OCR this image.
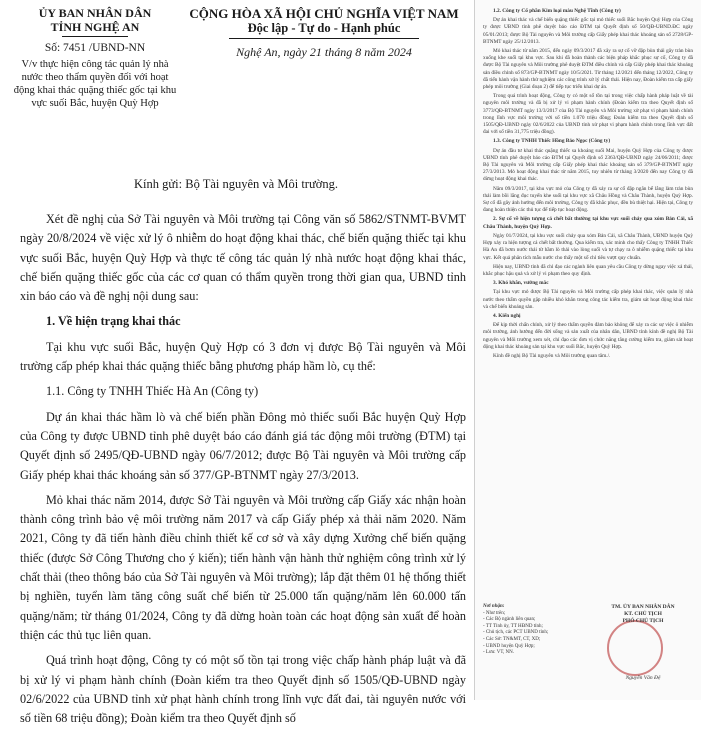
ỦY BAN NHÂN DÂN
TỈNH NGHỆ AN
Số: 7451 /UBND-NN
V/v thực hiện công tác quản lý nhà nước theo thẩm quyền đối với hoạt động khai thác quặng thiếc gốc tại khu vực suối Bắc, huyện Quỳ Hợp
CỘNG HÒA XÃ HỘI CHỦ NGHĨA VIỆT NAM
Độc lập - Tự do - Hạnh phúc
Nghệ An, ngày 21 tháng 8 năm 2024
Kính gửi: Bộ Tài nguyên và Môi trường.

Xét đề nghị của Sở Tài nguyên và Môi trường tại Công văn số 5862/STNMT-BVMT ngày 20/8/2024 về việc xử lý ô nhiễm do hoạt động khai thác, chế biến quặng thiếc tại khu vực suối Bắc, huyện Quỳ Hợp và thực tế công tác quản lý nhà nước hoạt động khai thác, chế biến quặng thiếc gốc của các cơ quan có thẩm quyền trong thời gian qua, UBND tỉnh xin báo cáo và đề nghị nội dung sau:

1. Về hiện trạng khai thác

Tại khu vực suối Bắc, huyện Quỳ Hợp có 3 đơn vị được Bộ Tài nguyên và Môi trường cấp phép khai thác quặng thiếc bằng phương pháp hầm lò, cụ thể:

1.1. Công ty TNHH Thiếc Hà An (Công ty)

Dự án khai thác hầm lò và chế biến phần Đông mỏ thiếc suối Bắc huyện Quỳ Hợp của Công ty được UBND tỉnh phê duyệt báo cáo đánh giá tác động môi trường (ĐTM) tại Quyết định số 2495/QĐ-UBND ngày 06/7/2012; được Bộ Tài nguyên và Môi trường cấp Giấy phép khai thác khoáng sản số 377/GP-BTNMT ngày 27/3/2013.

Mỏ khai thác năm 2014, được Sở Tài nguyên và Môi trường cấp Giấy xác nhận hoàn thành công trình bảo vệ môi trường năm 2017 và cấp Giấy phép xả thải năm 2020. Năm 2021, Công ty đã tiến hành điều chỉnh thiết kế cơ sở và xây dựng Xưởng chế biến quặng thiếc (được Sở Công Thương cho ý kiến); tiến hành vận hành thử nghiệm công trình xử lý chất thải (theo thông báo của Sở Tài nguyên và Môi trường); lắp đặt thêm 01 hệ thống thiết bị nghiền, tuyển làm tăng công suất chế biến từ 25.000 tấn quặng/năm lên 60.000 tấn quặng/năm; từ tháng 01/2024, Công ty đã dừng hoàn toàn các hoạt động sản xuất để hoàn thiện các thủ tục liên quan.

Quá trình hoạt động, Công ty có một số tồn tại trong việc chấp hành pháp luật và đã bị xử lý vi phạm hành chính (Đoàn kiểm tra theo Quyết định số 1505/QĐ-UBND ngày 02/6/2022 của UBND tỉnh xử phạt hành chính trong lĩnh vực đất đai, tài nguyên nước với số tiền 68 triệu đồng); Đoàn kiểm tra theo Quyết định số

1.2. Công ty Cổ phần Kim loại màu Nghệ Tĩnh (Công ty)

Dự án khai thác và chế biến quặng thiếc gốc tại mỏ thiếc suối Bắc huyện Quỳ Hợp của Công ty được UBND tỉnh phê duyệt báo cáo ĐTM tại Quyết định số 50/QĐ-UBND.ĐC ngày 05/01/2013; được Bộ Tài nguyên và Môi trường cấp Giấy phép khai thác khoáng sản số 2728/GP-BTNMT ngày 25/12/2013.

Mỏ khai thác từ năm 2015, đến ngày 09/3/2017 đã xây ra sự cố vỡ đập bùn thải gây tràn bùn xuống khe suối tại khu vực. Sau khi đã hoàn thành các biện pháp khắc phục sự cố, Công ty đã được Bộ Tài nguyên và Môi trường phê duyệt ĐTM điều chỉnh và cấp Giấy phép khai thác khoáng sản điều chỉnh số 873/GP-BTNMT ngày 10/5/2021. Từ tháng 12/2021 đến tháng 12/2022, Công ty đã tiến hành vận hành thử nghiệm các công trình xử lý chất thải. Hiện nay, Đoàn kiểm tra cấp giấy phép môi trường (Giai đoạn 2) để tiếp tục triển khai dự án.

Trong quá trình hoạt động, Công ty có một số tồn tại trong việc chấp hành pháp luật về tài nguyên môi trường và đã bị xử lý vi phạm hành chính (Đoàn kiểm tra theo Quyết định số 3773/QĐ-BTNMT ngày 13/3/2017 của Bộ Tài nguyên và Môi trường xử phạt vi phạm hành chính trong lĩnh vực môi trường với số tiền 1.070 triệu đồng; Đoàn kiểm tra theo Quyết định số 1505/QĐ-UBND ngày 02/6/2022 của UBND tỉnh xử phạt vi phạm hành chính trong lĩnh vực đất đai với số tiền 31,775 triệu đồng).

1.3. Công ty TNHH Thiếc Hồng Bảo Ngọc (Công ty)

Dự án đầu tư khai thác quặng thiếc sa khoáng suối Mai, huyện Quỳ Hợp của Công ty được UBND tỉnh phê duyệt báo cáo ĐTM tại Quyết định số 2363/QĐ-UBND ngày 24/06/2011; được Bộ Tài nguyên và Môi trường cấp Giấy phép khai thác khoáng sản số 379/GP-BTNMT ngày 27/3/2013. Mỏ hoạt động khai thác từ năm 2015, tuy nhiên từ tháng 3/2020 đến nay Công ty đã dừng hoạt động khai thác.

Năm 09/3/2017, tại khu vực mỏ của Công ty đã xảy ra sự cố đập ngăn bể lắng làm tràn bùn thải làm bồi lắng đục tuyến khe suối tại khu vực xã Châu Hồng và Châu Thành, huyện Quỳ Hợp. Sự cố đã gây ảnh hưởng đến môi trường, Công ty đã khắc phục, đền bù thiệt hại. Hiện tại, Công ty đang hoàn thiện các thủ tục để tiếp tục hoạt động.

2. Sự cố về hiện tượng cá chết bất thường tại khu vực suối chảy qua xóm Bản Cải, xã Châu Thành, huyện Quỳ Hợp.

Ngày 01/7/2024, tại khu vực suối chảy qua xóm Bản Cải, xã Châu Thành, UBND huyện Quỳ Hợp xảy ra hiện tượng cá chết bất thường. Qua kiểm tra, xác minh cho thấy Công ty TNHH Thiếc Hà An đã bơm nước thải từ hầm lò thải vào lòng suối và tự chạy ra ô nhiễm quặng thiếc tại khu vực. Kết quả phân tích mẫu nước cho thấy một số chỉ tiêu vượt quy chuẩn.

Hiện nay, UBND tỉnh đã chỉ đạo các ngành liên quan yêu cầu Công ty dừng ngay việc xả thải, khắc phục hậu quả và xử lý vi phạm theo quy định.

3. Khó khăn, vướng mắc

Tại khu vực mỏ được Bộ Tài nguyên và Môi trường cấp phép khai thác, việc quản lý nhà nước theo thẩm quyền gặp nhiều khó khăn trong công tác kiểm tra, giám sát hoạt động khai thác và chế biến khoáng sản.

4. Kiến nghị

Để kịp thời chấn chỉnh, xử lý theo thẩm quyền đảm bảo không để xảy ra các sự việc ô nhiễm môi trường, ảnh hưởng đến đời sống và sản xuất của nhân dân, UBND tỉnh kính đề nghị Bộ Tài nguyên và Môi trường xem xét, chỉ đạo các đơn vị chức năng tăng cường kiểm tra, giám sát hoạt động khai thác khoáng sản tại khu vực suối Bắc, huyện Quỳ Hợp.

Kính đề nghị Bộ Tài nguyên và Môi trường quan tâm./.

Nơi nhận:
- Như trên;
- Các Bộ ngành liên quan;
- TT Tỉnh ủy, TT HĐND tỉnh;
- Chủ tịch, các PCT UBND tỉnh;
- Các Sở: TN&MT, CT, XD;
- UBND huyện Quỳ Hợp;
- Lưu: VT, NN.
TM. ỦY BAN NHÂN DÂN
KT. CHỦ TỊCH
PHÓ CHỦ TỊCH
Nguyễn Văn Đệ
